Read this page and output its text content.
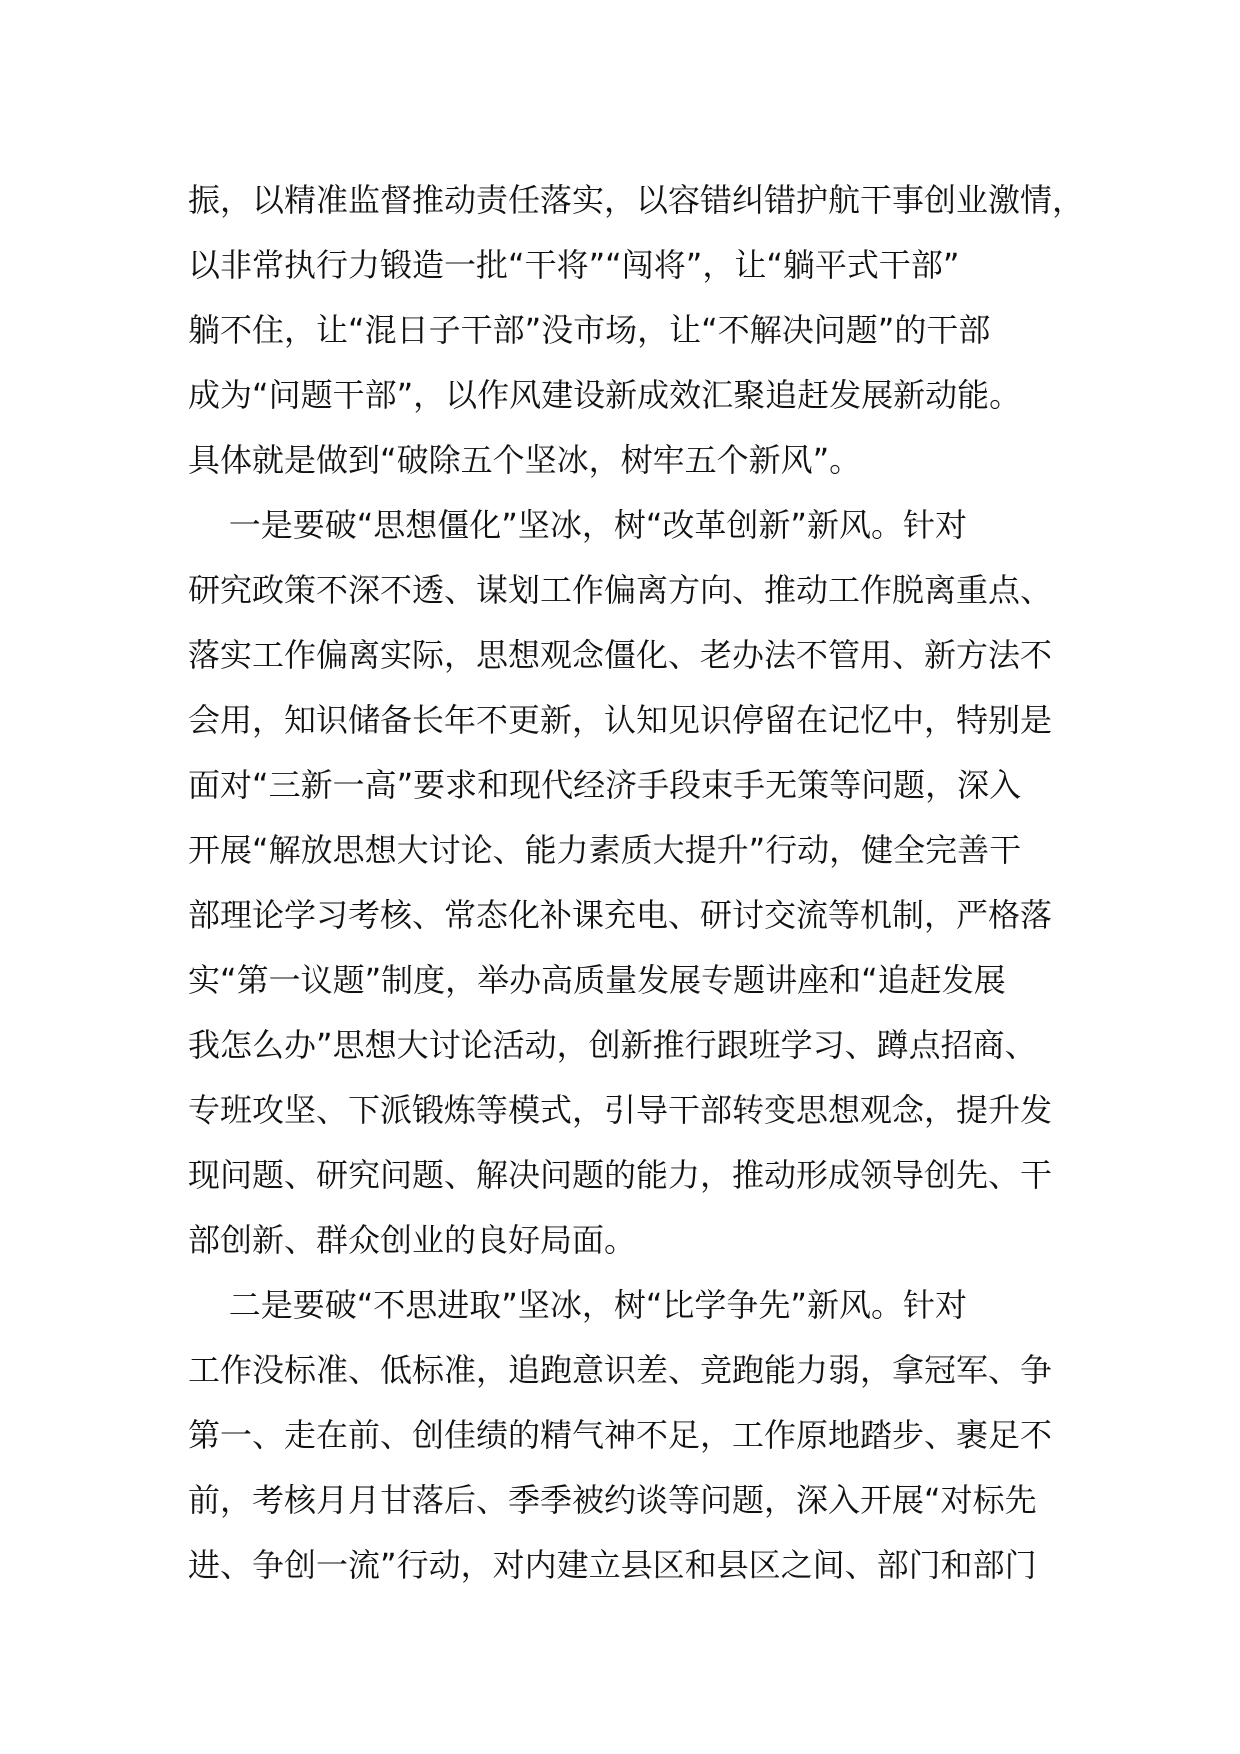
振，以精准监督推动责任落实，以容错纠错护航干事创业激情，
以非常执行力锻造一批“干将”“闯将”，让“躺平式干部”
躺不住，让“混日子干部”没市场，让“不解决问题”的干部
成为“问题干部”，以作风建设新成效汇聚追赶发展新动能。
具体就是做到“破除五个坚冰，树牢五个新风”。
一是要破“思想僵化”坚冰，树“改革创新”新风。针对
研究政策不深不透、谋划工作偏离方向、推动工作脱离重点、
落实工作偏离实际，思想观念僵化、老办法不管用、新方法不
会用，知识储备长年不更新，认知见识停留在记忆中，特别是
面对“三新一高”要求和现代经济手段束手无策等问题，深入
开展“解放思想大讨论、能力素质大提升”行动，健全完善干
部理论学习考核、常态化补课充电、研讨交流等机制，严格落
实“第一议题”制度，举办高质量发展专题讲座和“追赶发展
我怎么办”思想大讨论活动，创新推行跟班学习、蹲点招商、
专班攻坚、下派锻炼等模式，引导干部转变思想观念，提升发
现问题、研究问题、解决问题的能力，推动形成领导创先、干
部创新、群众创业的良好局面。
二是要破“不思进取”坚冰，树“比学争先”新风。针对
工作没标准、低标准，追跑意识差、竞跑能力弱，拿冠军、争
第一、走在前、创佳绩的精气神不足，工作原地踏步、裹足不
前，考核月月甘落后、季季被约谈等问题，深入开展“对标先
进、争创一流”行动，对内建立县区和县区之间、部门和部门
